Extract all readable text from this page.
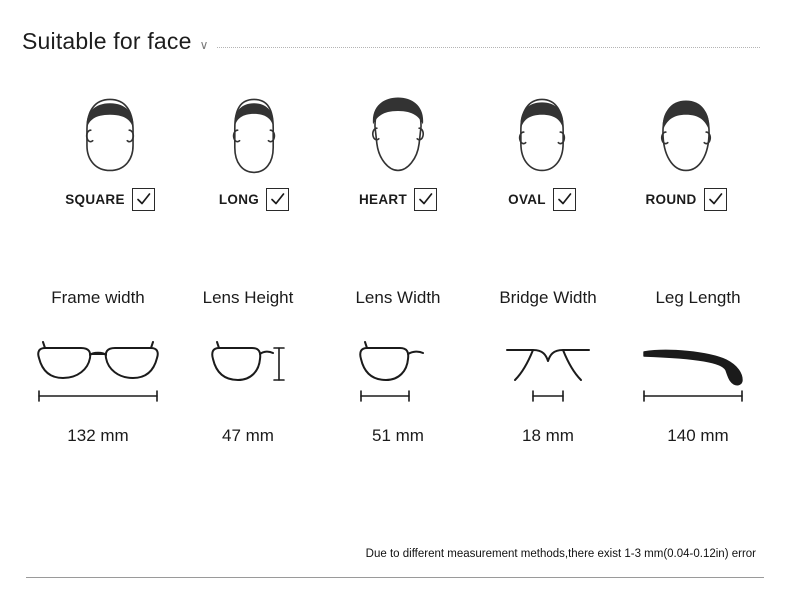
Suitable for face ∨
SQUARE	LONG	HEART	OVAL	ROUND
Frame width
132 mm
Lens Height
47 mm
Lens Width
51 mm
Bridge Width
18 mm
Leg Length
140 mm
Due to different measurement methods,there exist 1-3 mm(0.04-0.12in) error
